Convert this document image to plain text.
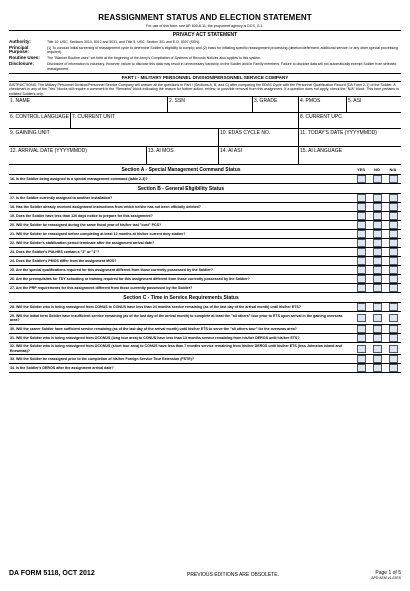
REASSIGNMENT STATUS AND ELECTION STATEMENT
For use of this form, see AR 600-8-11; the proponent agency is DCS, G-1.
PRIVACY ACT STATEMENT
Authority:	Title 10, USC, Sections 3010, 8012 and 5031, and Title 5, USC, Section 301 and E.O. 9397 (SSN).
Principal Purpose:
(1) To conduct initial screening of reassignment cycle to determine Soldier's eligibility to comply; and (2) basis for initiating specific reassignment processing (deletion/deferment; additional service; or any other special processing required).
Routine Uses:	The "Blanket Routine uses" set forth at the beginning of the Army's Compilation of Systems of Records Notices also applies to this system.
Disclosure:	Disclosure of information is voluntary. However, failure to disclose this data may result in unnecessary hardship on the Soldier and/or Family members. Failure to disclose data will not automatically exempt Soldier from selected reassignment.
PART I - MILITARY PERSONNEL DIVISION/PERSONNEL SERVICE COMPANY
INSTRUCTIONS: The Military Personnel Division/Personnel Service Company will answer all the questions in Part I (Sections A, B, and C) after comparing the EDAS Cycle with the Personnel Qualification Record (DA Form 2-1) of the Soldier. A checkmark in any of the "Yes" blocks will require a comment in the "Remarks" block indicating the reason for further action, review, or possible removal from this assignment. If a question does not apply, check the "N/A" block. This form pertains to enlisted Soldiers only.
1. NAME	2. SSN	3. GRADE	4. PMOS	5. ASI
6. CONTROL LANGUAGE 7. CURRENT UNIT	8. CURRENT UPC
9. GAINING UNIT	10. EDAS CYCLE NO.	11. TODAY'S DATE (YYYYMMDD)
12. ARRIVAL DATE (YYYYMMDD)	13. AI MOS	14. AI ASI	15. AI LANGUAGE
Section A - Special Management Command Status	YES	NO	N/A
16. Is the Soldier being assigned to a special management command (table 2-3)?
Section B - General Eligibility Status
17. Is the Soldier currently assigned to another installation?
18. Has the Soldier already received assignment instructions from which he/she has not been officially deleted?
19. Does the Soldier have less than 120 days notice to prepare for this assignment?
20. Will the Soldier be reassigned during the same fiscal year of his/her last "cost" PCS?
21. Will the Soldier be reassigned before completing at least 12 months at his/her current duty station?
22. Will the Soldier's stabilization period terminate after the assignment arrival date?
23. Does the Soldier's PULHES contain a "3" or "4"?
24. Does the Soldier's PMOS differ from the assignment MOS?
25. Are the special qualifications required for this assignment different from those currently possessed by the Soldier?
26. Are the prerequisites for TDY schooling or training required for this assignment different from those currently possessed by the Soldier?
27. Are the PRP requirements for this assignment different from those currently possessed by the Soldier?
Section C - Time in Service Requirements Status
28. Will the Soldier who is being reassigned from CONUS to CONUS have less than 24 months service remaining (as of the last day of the arrival month) until his/her ETS?
29. Will the initial term Soldier have insufficient service remaining (as of the last day of the arrival month) to complete at least the "all others" tour prior to ETS upon arrival in the gaining overseas area?
30. Will the career Soldier have sufficient service remaining (as of the last day of the arrival month) until his/her ETS to serve the "all others tour" for the overseas area?
31. Will the Soldier who is being reassigned from OCONUS (long tour area) to CONUS have less than 13 months service remaining from his/her DEROS until his/her ETS?
32. Will the Soldier who is being reassigned from OCONUS (short tour area) to CONUS have less than 7 months service remaining from his/her DEROS until his/her ETS (less Johnston Island and Enewetak)?
33. Will the Soldier be reassigned prior to the completion of his/her Foreign Service Tour Extension (FSTE)?
34. Is the Soldier's DEROS after the assignment arrival date?
DA FORM 5118, OCT 2012	PREVIOUS EDITIONS ARE OBSOLETE.	Page 1 of 5
APD AEM v1.02ES
